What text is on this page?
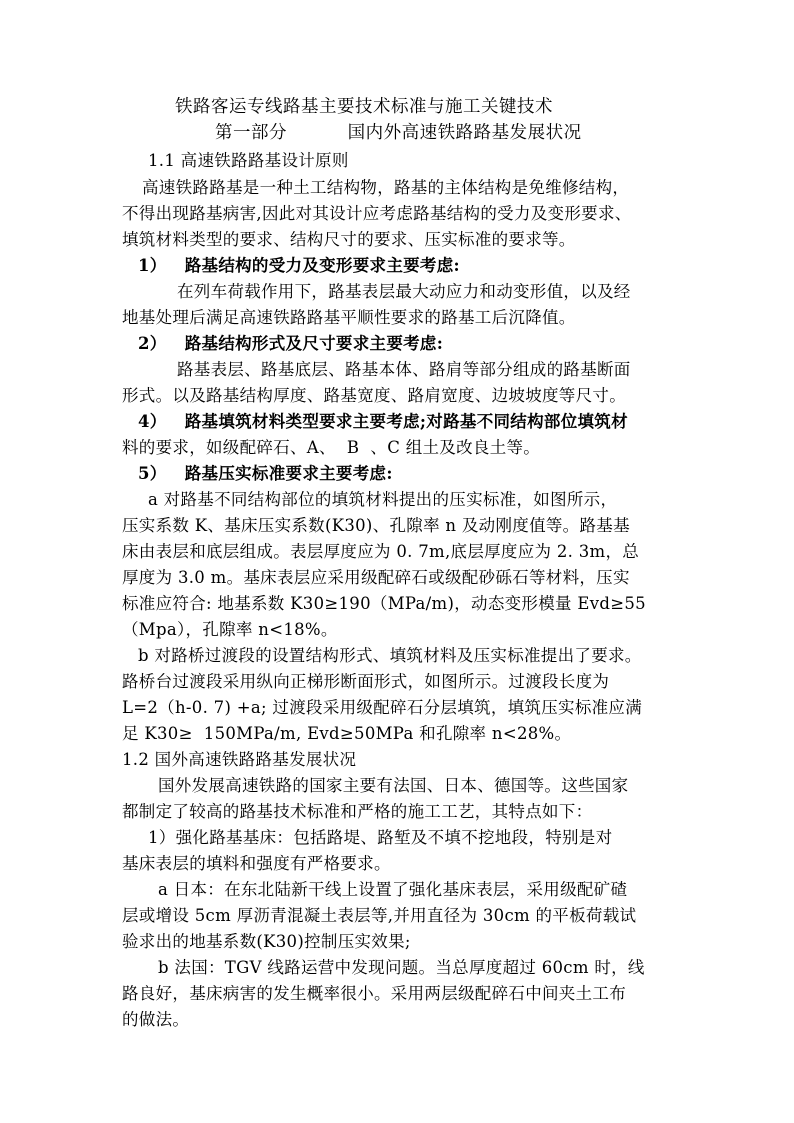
铁路客运专线路基主要技术标准与施工关键技术
第一部分          国内外高速铁路路基发展状况
1.1 高速铁路路基设计原则
高速铁路路基是一种土工结构物，路基的主体结构是免维修结构，
不得出现路基病害,因此对其设计应考虑路基结构的受力及变形要求、
填筑材料类型的要求、结构尺寸的要求、压实标准的要求等。
1）   路基结构的受力及变形要求主要考虑:
在列车荷载作用下，路基表层最大动应力和动变形值，以及经
地基处理后满足高速铁路路基平顺性要求的路基工后沉降值。
2）   路基结构形式及尺寸要求主要考虑:
路基表层、路基底层、路基本体、路肩等部分组成的路基断面
形式。以及路基结构厚度、路基宽度、路肩宽度、边坡坡度等尺寸。
4）   路基填筑材料类型要求主要考虑;对路基不同结构部位填筑材
料的要求，如级配碎石、A、  B  、C 组土及改良土等。
5）   路基压实标准要求主要考虑:
a 对路基不同结构部位的填筑材料提出的压实标准，如图所示，
压实系数 K、基床压实系数(K30)、孔隙率 n 及动刚度值等。路基基
床由表层和底层组成。表层厚度应为 0. 7m,底层厚度应为 2. 3m，总
厚度为 3.0 m。基床表层应采用级配碎石或级配砂砾石等材料，压实
标准应符合: 地基系数 K30≥190（MPa/m)，动态变形模量 Evd≥55
（Mpa），孔隙率 n<18%。
b 对路桥过渡段的设置结构形式、填筑材料及压实标准提出了要求。
路桥台过渡段采用纵向正梯形断面形式，如图所示。过渡段长度为
L=2（h-0. 7) +a; 过渡段采用级配碎石分层填筑，填筑压实标准应满
足 K30≥  150MPa/m, Evd≥50MPa 和孔隙率 n<28%。
1.2 国外高速铁路路基发展状况
国外发展高速铁路的国家主要有法国、日本、德国等。这些国家
都制定了较高的路基技术标准和严格的施工工艺，其特点如下：
1）强化路基基床：包括路堤、路堑及不填不挖地段，特别是对
基床表层的填料和强度有严格要求。
a 日本：在东北陆新干线上设置了强化基床表层，采用级配矿碴
层或增设 5cm 厚沥青混凝土表层等,并用直径为 30cm 的平板荷载试
验求出的地基系数(K30)控制压实效果;
b 法国：TGV 线路运营中发现问题。当总厚度超过 60cm 时，线
路良好，基床病害的发生概率很小。采用两层级配碎石中间夹土工布
的做法。
